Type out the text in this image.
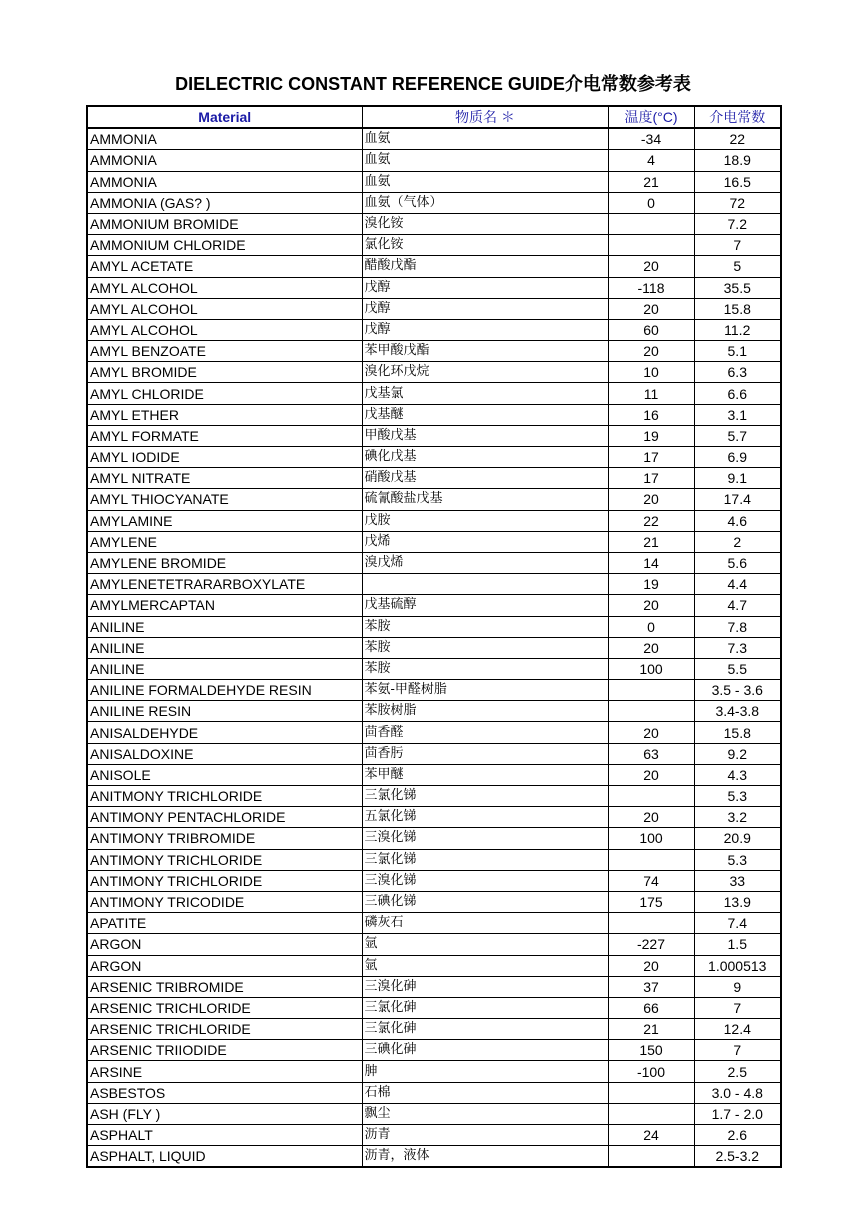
DIELECTRIC CONSTANT REFERENCE GUIDE介电常数参考表
Material	物质名 ＊	温度(°C)	介电常数
AMMONIA	血氨	-34	22
AMMONIA	血氨	4	18.9
AMMONIA	血氨	21	16.5
AMMONIA (GAS? )	血氨（气体）	0	72
AMMONIUM BROMIDE	溴化铵		7.2
AMMONIUM CHLORIDE	氯化铵		7
AMYL ACETATE	醋酸戊酯	20	5
AMYL ALCOHOL	戊醇	-118	35.5
AMYL ALCOHOL	戊醇	20	15.8
AMYL ALCOHOL	戊醇	60	11.2
AMYL BENZOATE	苯甲酸戊酯	20	5.1
AMYL BROMIDE	溴化环戊烷	10	6.3
AMYL CHLORIDE	戊基氯	11	6.6
AMYL ETHER	戊基醚	16	3.1
AMYL FORMATE	甲酸戊基	19	5.7
AMYL IODIDE	碘化戊基	17	6.9
AMYL NITRATE	硝酸戊基	17	9.1
AMYL THIOCYANATE	硫氰酸盐戊基	20	17.4
AMYLAMINE	戊胺	22	4.6
AMYLENE	戊烯	21	2
AMYLENE BROMIDE	溴戊烯	14	5.6
AMYLENETETRARARBOXYLATE		19	4.4
AMYLMERCAPTAN	戊基硫醇	20	4.7
ANILINE	苯胺	0	7.8
ANILINE	苯胺	20	7.3
ANILINE	苯胺	100	5.5
ANILINE FORMALDEHYDE RESIN	苯氨-甲醛树脂		3.5 - 3.6
ANILINE RESIN	苯胺树脂		3.4-3.8
ANISALDEHYDE	茴香醛	20	15.8
ANISALDOXINE	茴香肟	63	9.2
ANISOLE	苯甲醚	20	4.3
ANITMONY TRICHLORIDE	三氯化锑		5.3
ANTIMONY PENTACHLORIDE	五氯化锑	20	3.2
ANTIMONY TRIBROMIDE	三溴化锑	100	20.9
ANTIMONY TRICHLORIDE	三氯化锑		5.3
ANTIMONY TRICHLORIDE	三溴化锑	74	33
ANTIMONY TRICODIDE	三碘化锑	175	13.9
APATITE	磷灰石		7.4
ARGON	氩	-227	1.5
ARGON	氩	20	1.000513
ARSENIC TRIBROMIDE	三溴化砷	37	9
ARSENIC TRICHLORIDE	三氯化砷	66	7
ARSENIC TRICHLORIDE	三氯化砷	21	12.4
ARSENIC TRIIODIDE	三碘化砷	150	7
ARSINE	胂	-100	2.5
ASBESTOS	石棉		3.0 - 4.8
ASH (FLY )	飘尘		1.7 - 2.0
ASPHALT	沥青	24	2.6
ASPHALT, LIQUID	沥青，液体		2.5-3.2
